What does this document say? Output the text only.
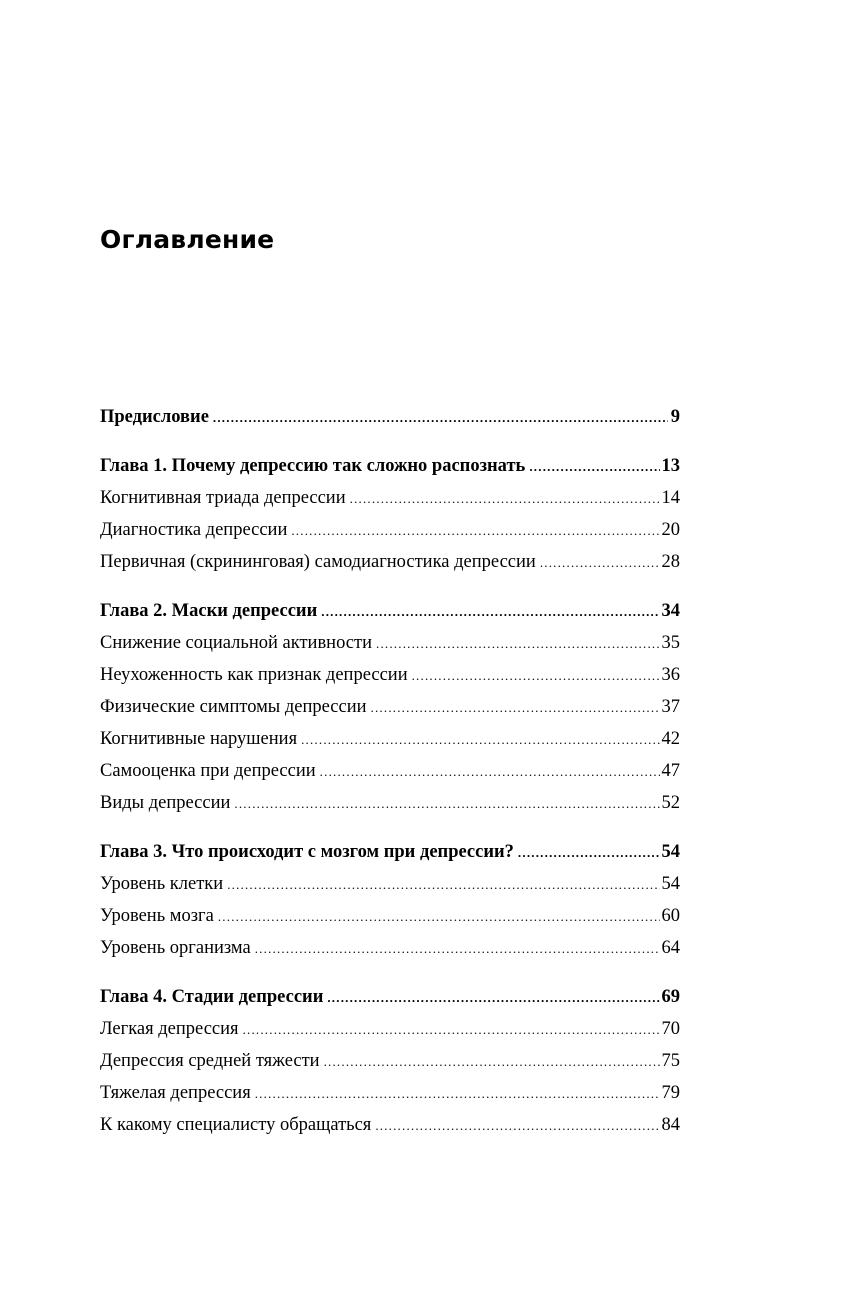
Оглавление
Предисловие .....	9
Глава 1. Почему депрессию так сложно распознать .....	13
Когнитивная триада депрессии .....	14
Диагностика депрессии .....	20
Первичная (скрининговая) самодиагностика депрессии .....	28
Глава 2. Маски депрессии .....	34
Снижение социальной активности .....	35
Неухоженность как признак депрессии .....	36
Физические симптомы депрессии .....	37
Когнитивные нарушения .....	42
Самооценка при депрессии .....	47
Виды депрессии .....	52
Глава 3. Что происходит с мозгом при депрессии? .....	54
Уровень клетки .....	54
Уровень мозга .....	60
Уровень организма .....	64
Глава 4. Стадии депрессии .....	69
Легкая депрессия .....	70
Депрессия средней тяжести .....	75
Тяжелая депрессия .....	79
К какому специалисту обращаться .....	84
